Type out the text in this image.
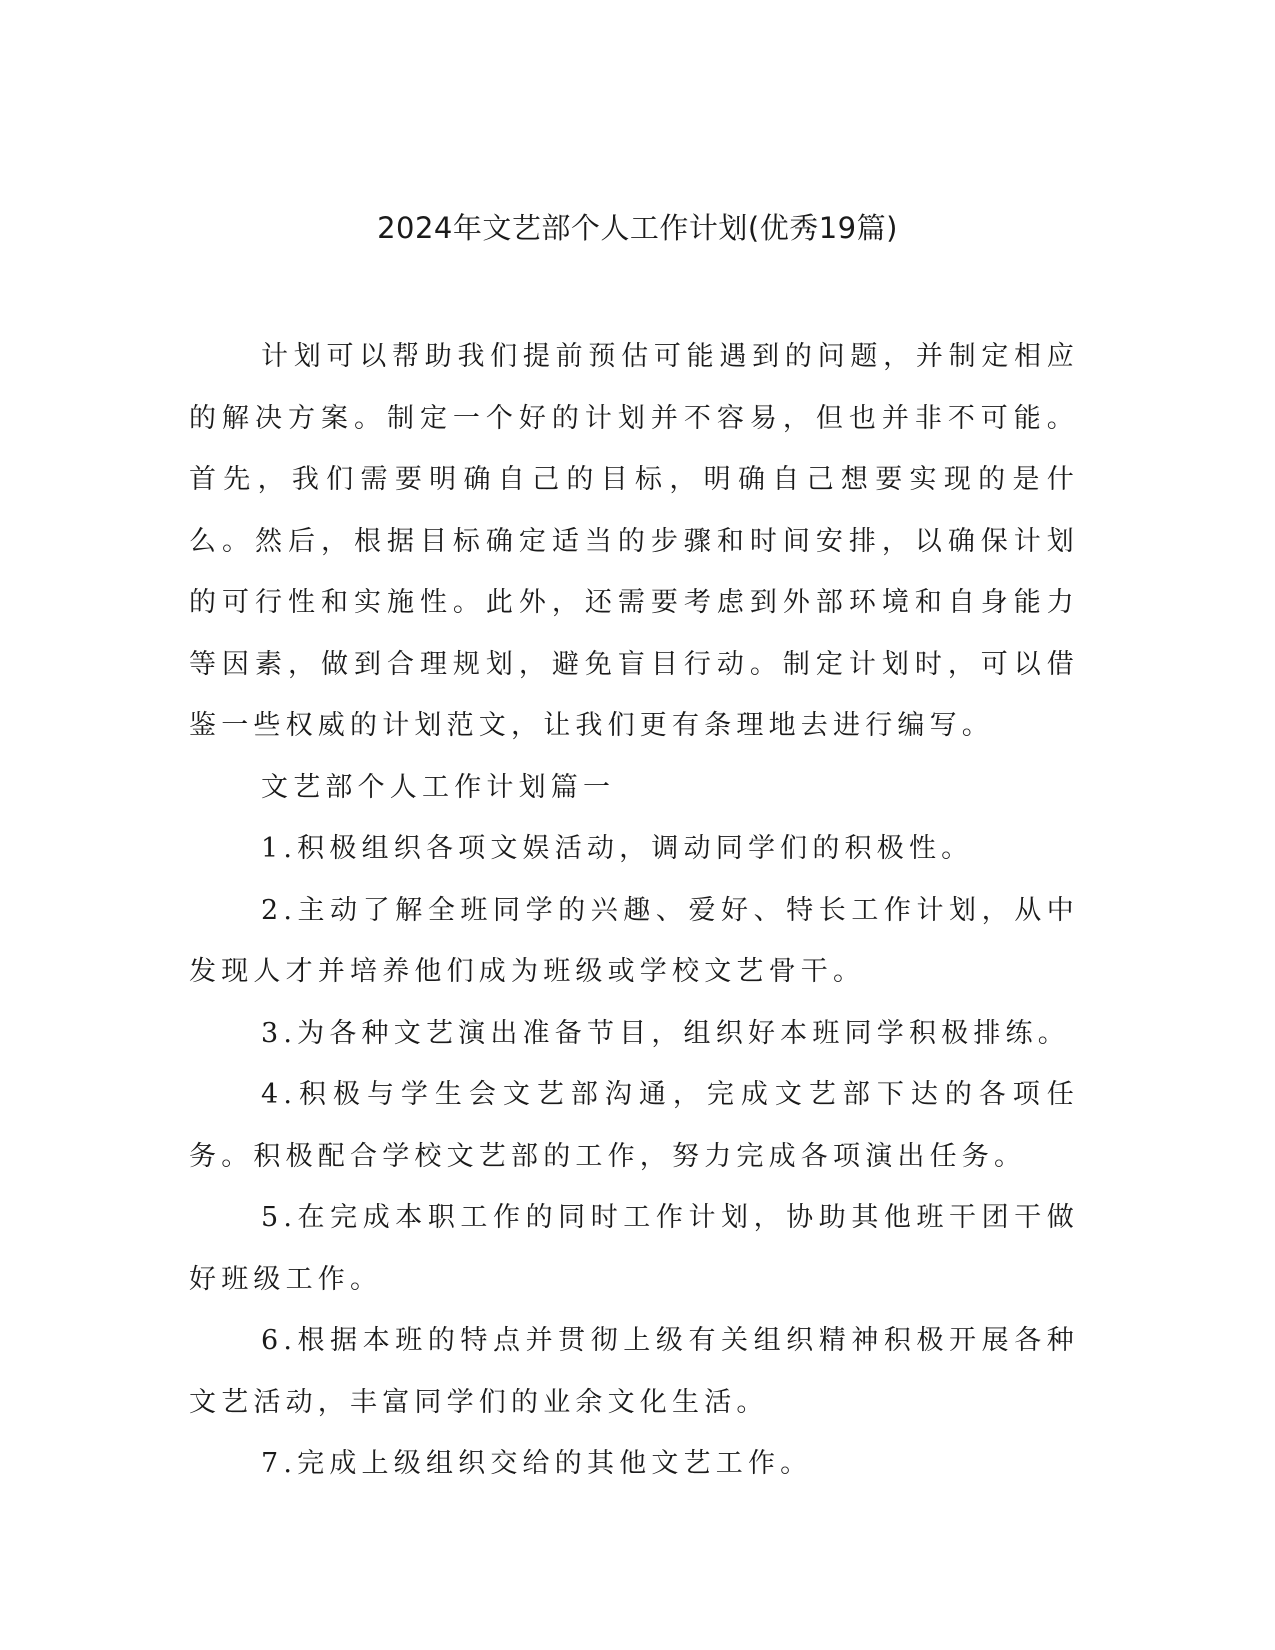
2024年文艺部个人工作计划(优秀19篇)

计划可以帮助我们提前预估可能遇到的问题，并制定相应的解决方案。制定一个好的计划并不容易，但也并非不可能。首先，我们需要明确自己的目标，明确自己想要实现的是什么。然后，根据目标确定适当的步骤和时间安排，以确保计划的可行性和实施性。此外，还需要考虑到外部环境和自身能力等因素，做到合理规划，避免盲目行动。制定计划时，可以借鉴一些权威的计划范文，让我们更有条理地去进行编写。

文艺部个人工作计划篇一

1.积极组织各项文娱活动，调动同学们的积极性。

2.主动了解全班同学的兴趣、爱好、特长工作计划，从中发现人才并培养他们成为班级或学校文艺骨干。

3.为各种文艺演出准备节目，组织好本班同学积极排练。

4.积极与学生会文艺部沟通，完成文艺部下达的各项任务。积极配合学校文艺部的工作，努力完成各项演出任务。

5.在完成本职工作的同时工作计划，协助其他班干团干做好班级工作。

6.根据本班的特点并贯彻上级有关组织精神积极开展各种文艺活动，丰富同学们的业余文化生活。

7.完成上级组织交给的其他文艺工作。
